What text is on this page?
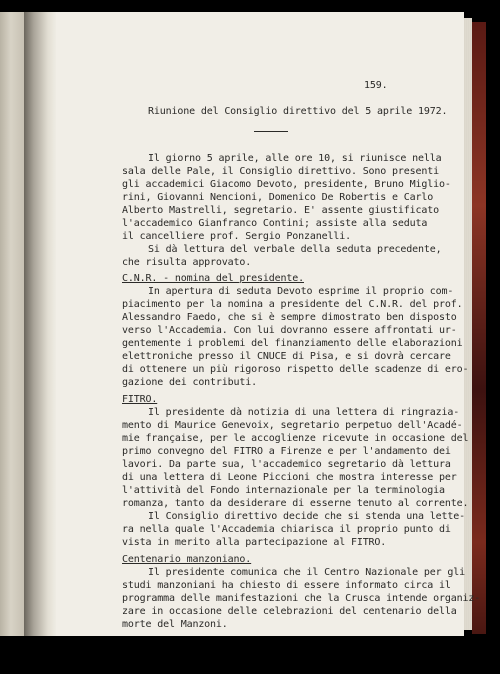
159.
Riunione del Consiglio direttivo del 5 aprile 1972.
Il giorno 5 aprile, alle ore 10, si riunisce nella
sala delle Pale, il Consiglio direttivo. Sono presenti
gli accademici Giacomo Devoto, presidente, Bruno Miglio-
rini, Giovanni Nencioni, Domenico De Robertis e Carlo
Alberto Mastrelli, segretario. E' assente giustificato
l'accademico Gianfranco Contini; assiste alla seduta
il cancelliere prof. Sergio Ponzanelli.
Si dà lettura del verbale della seduta precedente,
che risulta approvato.
C.N.R. - nomina del presidente.
In apertura di seduta Devoto esprime il proprio com-
piacimento per la nomina a presidente del C.N.R. del prof.
Alessandro Faedo, che si è sempre dimostrato ben disposto
verso l'Accademia. Con lui dovranno essere affrontati ur-
gentemente i problemi del finanziamento delle elaborazioni
elettroniche presso il CNUCE di Pisa, e si dovrà cercare
di ottenere un più rigoroso rispetto delle scadenze di ero-
gazione dei contributi.
FITRO.
Il presidente dà notizia di una lettera di ringrazia-
mento di Maurice Genevoix, segretario perpetuo dell'Acadé-
mie française, per le accoglienze ricevute in occasione del
primo convegno del FITRO a Firenze e per l'andamento dei
lavori. Da parte sua, l'accademico segretario dà lettura
di una lettera di Leone Piccioni che mostra interesse per
l'attività del Fondo internazionale per la terminologia
romanza, tanto da desiderare di esserne tenuto al corrente.
Il Consiglio direttivo decide che si stenda una lette-
ra nella quale l'Accademia chiarisca il proprio punto di
vista in merito alla partecipazione al FITRO.
Centenario manzoniano.
Il presidente comunica che il Centro Nazionale per gli
studi manzoniani ha chiesto di essere informato circa il
programma delle manifestazioni che la Crusca intende organiz-
zare in occasione delle celebrazioni del centenario della
morte del Manzoni.
